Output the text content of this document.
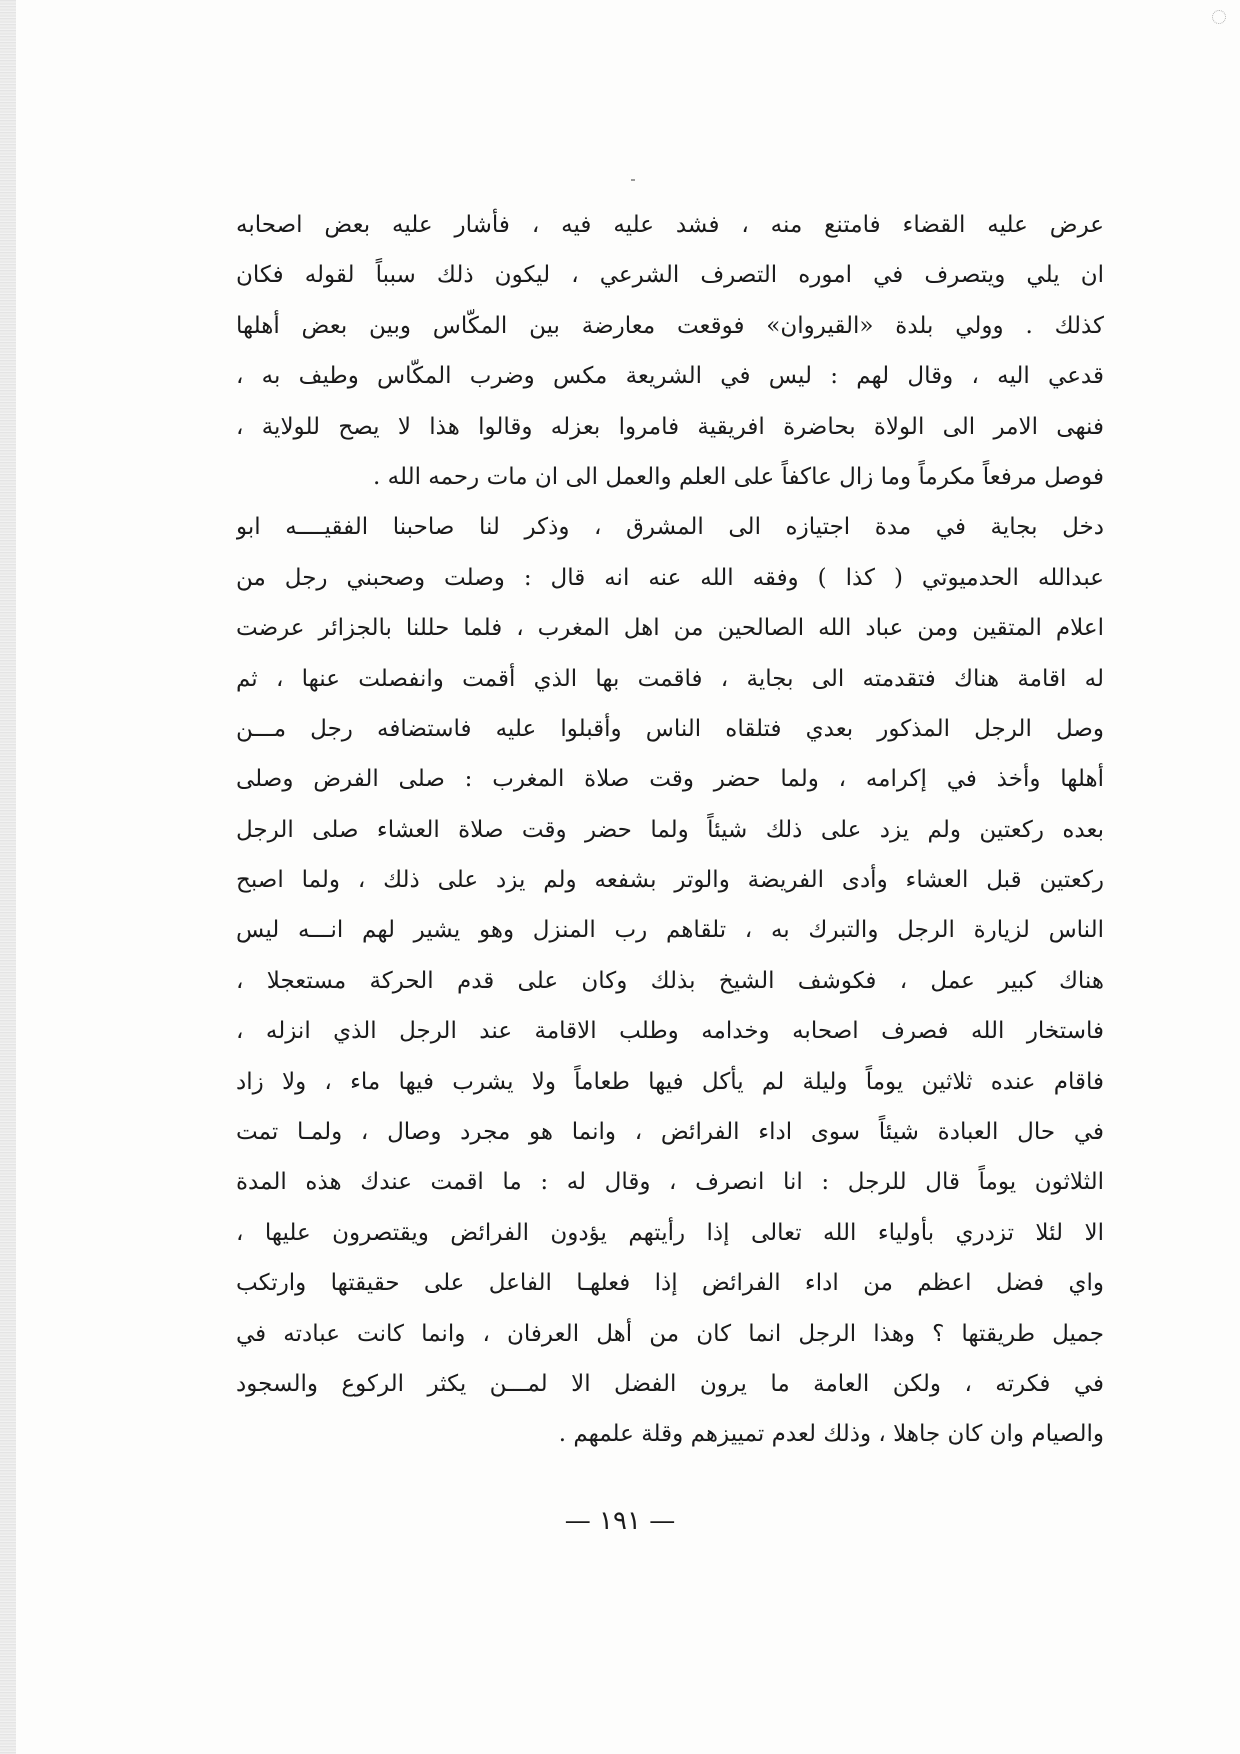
ُعرض عليه القضاء فامتنع منه ، فشد عليه فيه ، فأشار عليه بعض اصحابه
ان يلي ويتصرف في اموره التصرف الشرعي ، ليكون ذلك سبباً لقوله فكان
كذلك . وولي بلدة «القيروان» فوقعت معارضة بين المكّاس وبين بعض أهلها
قدعي اليه ، وقال لهم : ليس في الشريعة مكس وضرب المكّاس وطيف به ،
فنهى الامر الى الولاة بحاضرة افريقية فامروا بعزله وقالوا هذا لا يصح للولاية ،
فوصل مرفعاً مكرماً وما زال عاكفاً على العلم والعمل الى ان مات رحمه الله .
دخل بجاية في مدة اجتيازه الى المشرق ، وذكر لنا صاحبنا الفقيــــه ابو
عبدالله الحدميوتي ( كذا ) وفقه الله عنه انه قال : وصلت وصحبني رجل من
اعلام المتقين ومن عباد الله الصالحين من اهل المغرب ، فلما حللنا بالجزائر عرضت
له اقامة هناك فتقدمته الى بجاية ، فاقمت بها الذي أقمت وانفصلت عنها ، ثم
وصل الرجل المذكور بعدي فتلقاه الناس وأقبلوا عليه فاستضافه رجل مـــن
أهلها وأخذ في إكرامه ، ولما حضر وقت صلاة المغرب : صلى الفرض وصلى
بعده ركعتين ولم يزد على ذلك شيئاً ولما حضر وقت صلاة العشاء صلى الرجل
ركعتين قبل العشاء وأدى الفريضة والوتر بشفعه ولم يزد على ذلك ، ولما اصبح
الناس لزيارة الرجل والتبرك به ، تلقاهم رب المنزل وهو يشير لهم انـــه ليس
هناك كبير عمل ، فكوشف الشيخ بذلك وكان على قدم الحركة مستعجلا ،
فاستخار الله فصرف اصحابه وخدامه وطلب الاقامة عند الرجل الذي انزله ،
فاقام عنده ثلاثين يوماً وليلة لم يأكل فيها طعاماً ولا يشرب فيها ماء ، ولا زاد
في حال العبادة شيئاً سوى اداء الفرائض ، وانما هو مجرد وصال ، ولمـا تمت
الثلاثون يوماً قال للرجل : انا انصرف ، وقال له : ما اقمت عندك هذه المدة
الا لئلا تزدري بأولياء الله تعالى إذا رأيتهم يؤدون الفرائض ويقتصرون عليها ،
واي فضل اعظم من اداء الفرائض إذا فعلهـا الفاعل على حقيقتها وارتكب
جميل طريقتها ؟ وهذا الرجل انما كان من أهل العرفان ، وانما كانت عبادته في
في فكرته ، ولكن العامة ما يرون الفضل الا لمـــن يكثر الركوع والسجود
والصيام وان كان جاهلا ، وذلك لعدم تمييزهم وقلة علمهم .
— ١٩١ —
